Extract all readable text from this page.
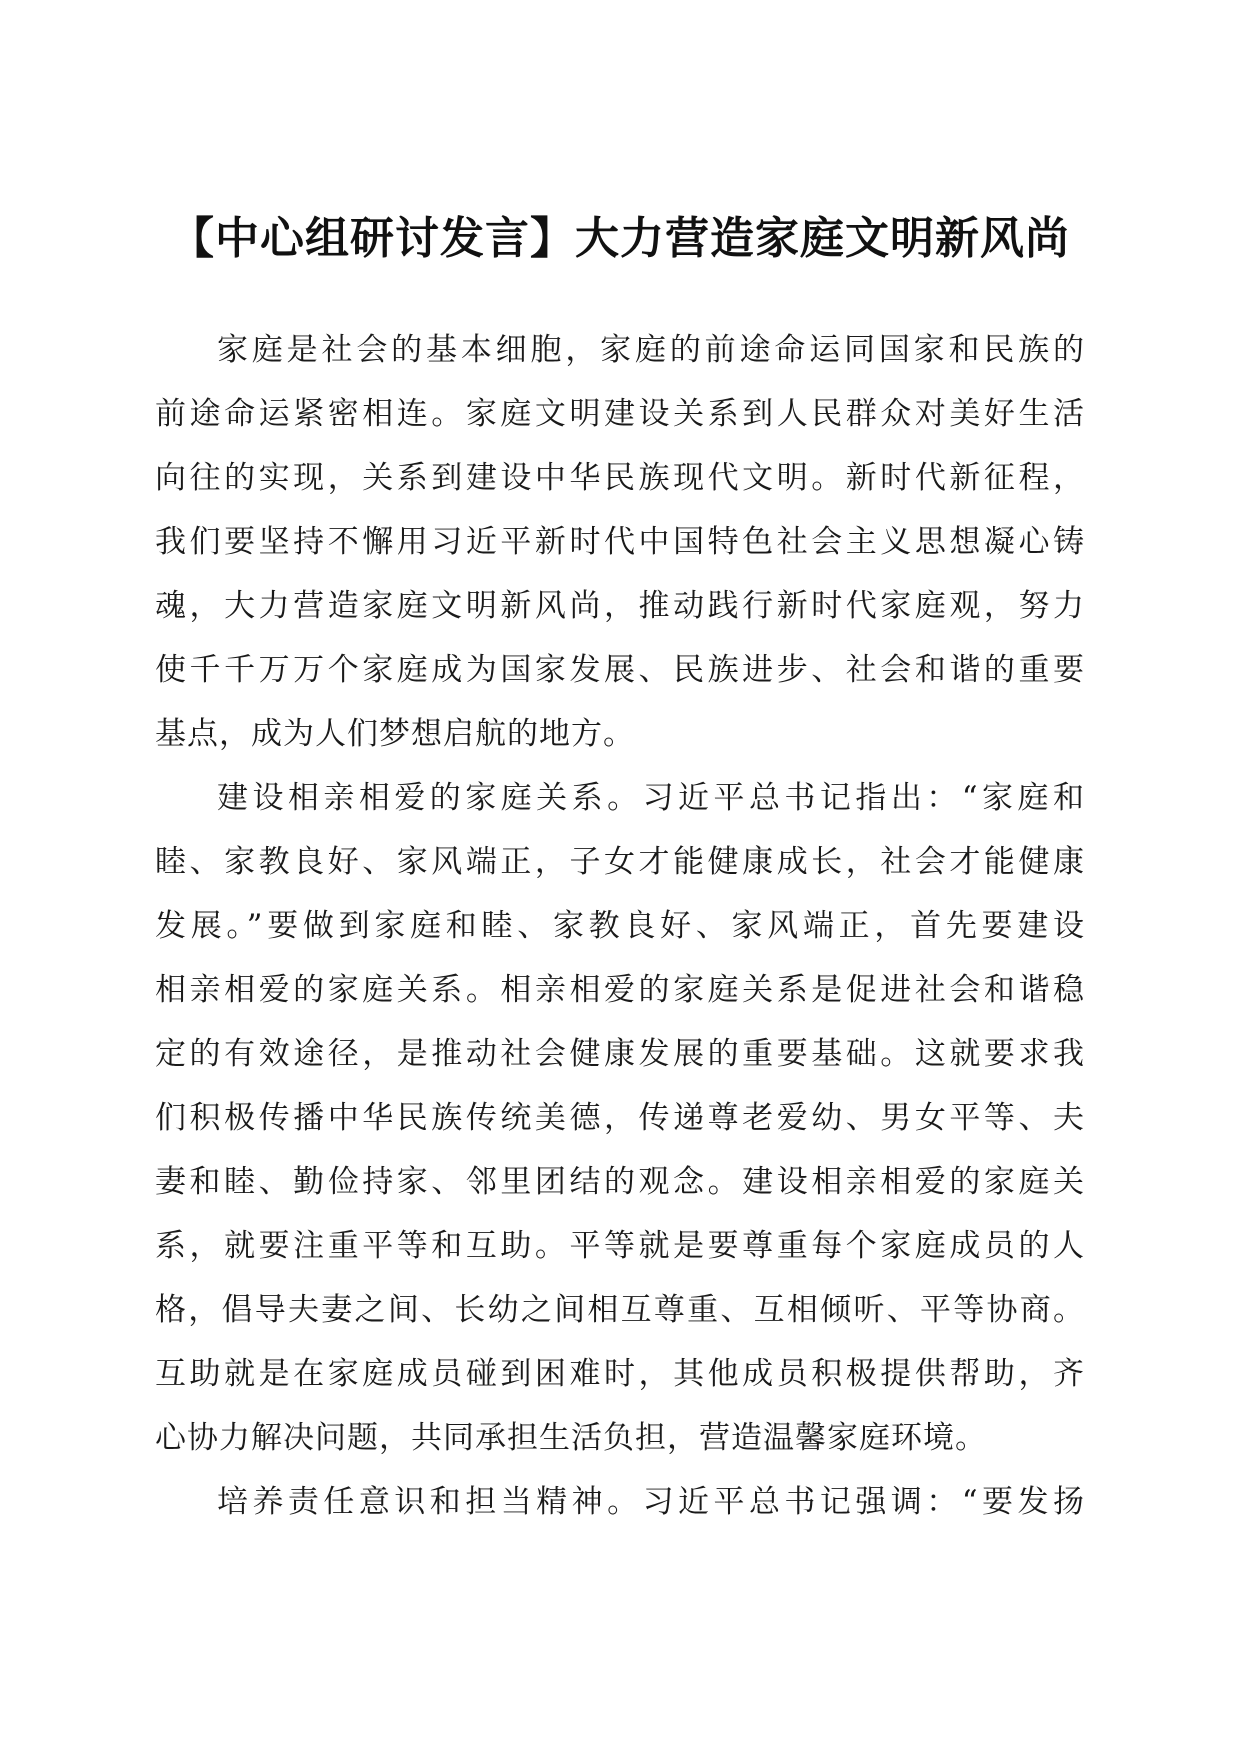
【中心组研讨发言】大力营造家庭文明新风尚
家庭是社会的基本细胞，家庭的前途命运同国家和民族的
前途命运紧密相连。家庭文明建设关系到人民群众对美好生活
向往的实现，关系到建设中华民族现代文明。新时代新征程，
我们要坚持不懈用习近平新时代中国特色社会主义思想凝心铸
魂，大力营造家庭文明新风尚，推动践行新时代家庭观，努力
使千千万万个家庭成为国家发展、民族进步、社会和谐的重要
基点，成为人们梦想启航的地方。
建设相亲相爱的家庭关系。习近平总书记指出：“家庭和
睦、家教良好、家风端正，子女才能健康成长，社会才能健康
发展。”要做到家庭和睦、家教良好、家风端正，首先要建设
相亲相爱的家庭关系。相亲相爱的家庭关系是促进社会和谐稳
定的有效途径，是推动社会健康发展的重要基础。这就要求我
们积极传播中华民族传统美德，传递尊老爱幼、男女平等、夫
妻和睦、勤俭持家、邻里团结的观念。建设相亲相爱的家庭关
系，就要注重平等和互助。平等就是要尊重每个家庭成员的人
格，倡导夫妻之间、长幼之间相互尊重、互相倾听、平等协商。
互助就是在家庭成员碰到困难时，其他成员积极提供帮助，齐
心协力解决问题，共同承担生活负担，营造温馨家庭环境。
培养责任意识和担当精神。习近平总书记强调：“要发扬
